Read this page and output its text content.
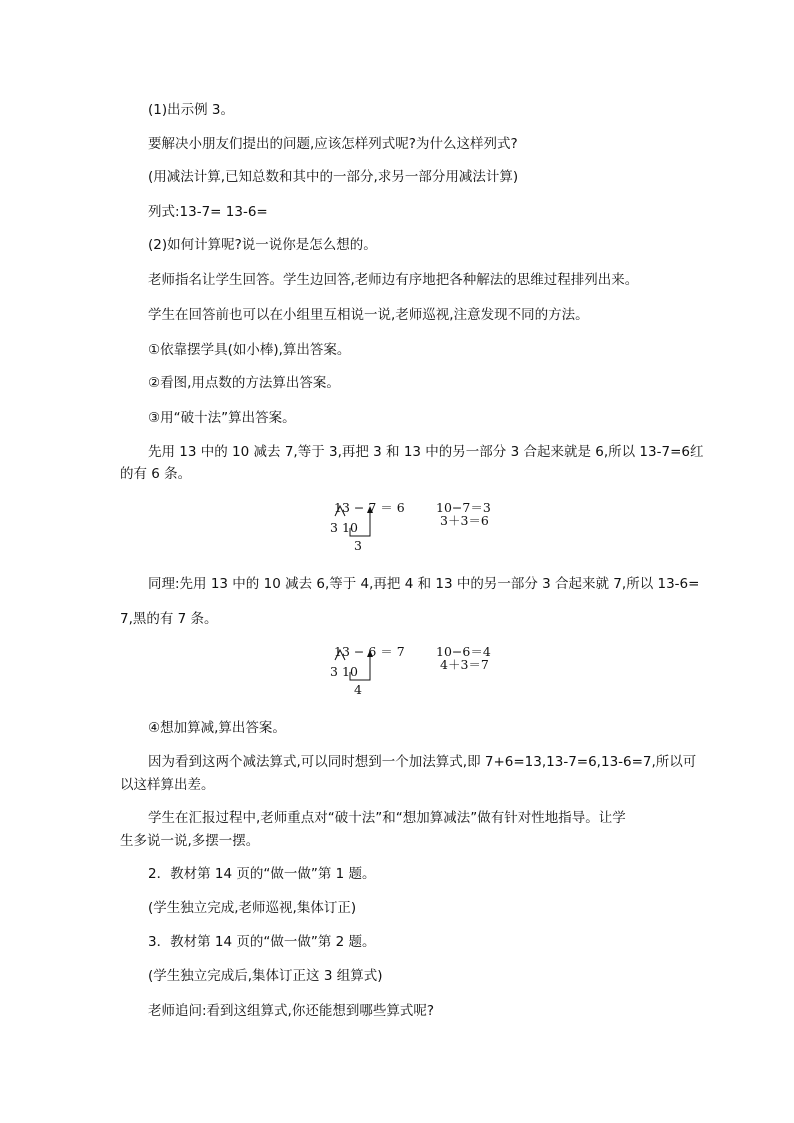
(1)出示例 3。
要解决小朋友们提出的问题,应该怎样列式呢?为什么这样列式?
(用减法计算,已知总数和其中的一部分,求另一部分用减法计算)
列式:13-7= 13-6=
(2)如何计算呢?说一说你是怎么想的。
老师指名让学生回答。学生边回答,老师边有序地把各种解法的思维过程排列出来。
学生在回答前也可以在小组里互相说一说,老师巡视,注意发现不同的方法。
①依靠摆学具(如小棒),算出答案。
②看图,用点数的方法算出答案。
③用“破十法”算出答案。
先用 13 中的 10 减去 7,等于 3,再把 3 和 13 中的另一部分 3 合起来就是 6,所以 13-7=6红
的有 6 条。
13 − 7 ＝ 6
3 10
3
10−7＝3
3＋3＝6
同理:先用 13 中的 10 减去 6,等于 4,再把 4 和 13 中的另一部分 3 合起来就 7,所以 13-6=
7,黑的有 7 条。
13 − 6 ＝ 7
3 10
4
10−6＝4
4＋3＝7
④想加算减,算出答案。
因为看到这两个减法算式,可以同时想到一个加法算式,即 7+6=13,13-7=6,13-6=7,所以可
以这样算出差。
学生在汇报过程中,老师重点对“破十法”和“想加算减法”做有针对性地指导。让学
生多说一说,多摆一摆。
2．教材第 14 页的“做一做”第 1 题。
(学生独立完成,老师巡视,集体订正)
3．教材第 14 页的“做一做”第 2 题。
(学生独立完成后,集体订正这 3 组算式)
老师追问:看到这组算式,你还能想到哪些算式呢?
